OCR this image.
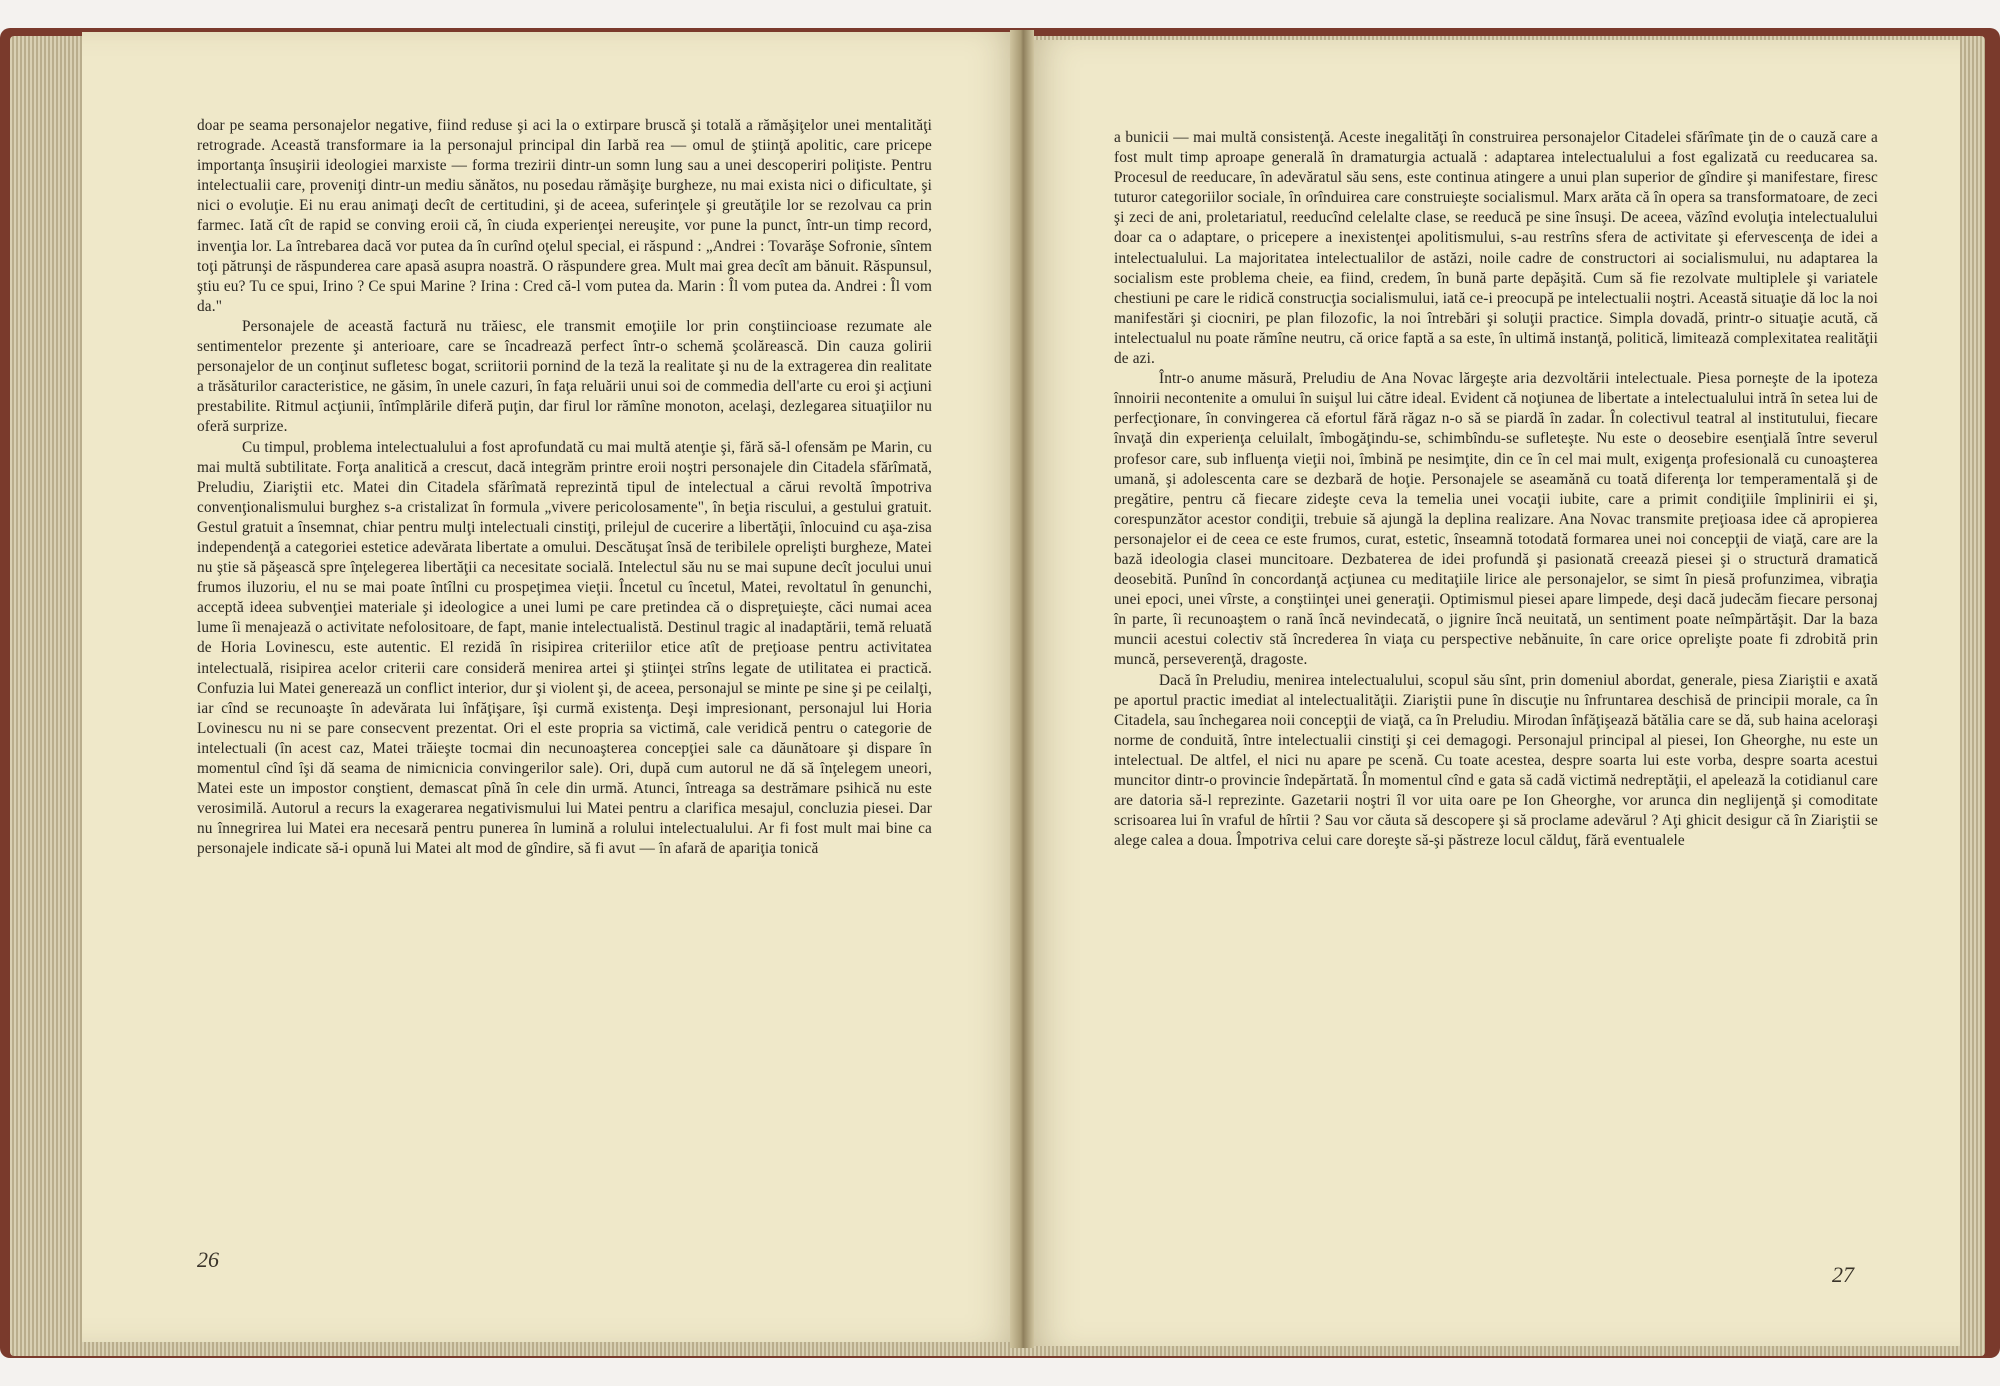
doar pe seama personajelor negative, fiind reduse şi aci la o extirpare bruscă şi totală a rămăşiţelor unei mentalităţi retrograde. Această transformare ia la personajul principal din Iarbă rea — omul de ştiinţă apolitic, care pricepe importanţa însuşirii ideologiei marxiste — forma trezirii dintr-un somn lung sau a unei descoperiri poliţiste. Pentru intelectualii care, proveniţi dintr-un mediu sănătos, nu posedau rămăşiţe burgheze, nu mai exista nici o dificultate, şi nici o evoluţie. Ei nu erau animaţi decît de certitudini, şi de aceea, suferinţele şi greutăţile lor se rezolvau ca prin farmec. Iată cît de rapid se conving eroii că, în ciuda experienţei nereuşite, vor pune la punct, într-un timp record, invenţia lor. La întrebarea dacă vor putea da în curînd oţelul special, ei răspund : „Andrei : Tovarăşe Sofronie, sîntem toţi pătrunşi de răspunderea care apasă asupra noastră. O răspundere grea. Mult mai grea decît am bănuit. Răspunsul, ştiu eu? Tu ce spui, Irino ? Ce spui Marine ? Irina : Cred că-l vom putea da. Marin : Îl vom putea da. Andrei : Îl vom da."

Personajele de această factură nu trăiesc, ele transmit emoţiile lor prin conştiincioase rezumate ale sentimentelor prezente şi anterioare, care se încadrează perfect într-o schemă şcolărească. Din cauza golirii personajelor de un conţinut sufletesc bogat, scriitorii pornind de la teză la realitate şi nu de la extragerea din realitate a trăsăturilor caracteristice, ne găsim, în unele cazuri, în faţa reluării unui soi de commedia dell'arte cu eroi şi acţiuni prestabilite. Ritmul acţiunii, întîmplările diferă puţin, dar firul lor rămîne monoton, acelaşi, dezlegarea situaţiilor nu oferă surprize.

Cu timpul, problema intelectualului a fost aprofundată cu mai multă atenţie şi, fără să-l ofensăm pe Marin, cu mai multă subtilitate. Forţa analitică a crescut, dacă integrăm printre eroii noştri personajele din Citadela sfărîmată, Preludiu, Ziariştii etc. Matei din Citadela sfărîmată reprezintă tipul de intelectual a cărui revoltă împotriva convenţionalismului burghez s-a cristalizat în formula „vivere pericolosamente", în beţia riscului, a gestului gratuit. Gestul gratuit a însemnat, chiar pentru mulţi intelectuali cinstiţi, prilejul de cucerire a libertăţii, înlocuind cu aşa-zisa independenţă a categoriei estetice adevărata libertate a omului. Descătuşat însă de teribilele oprelişti burgheze, Matei nu ştie să păşească spre înţelegerea libertăţii ca necesitate socială. Intelectul său nu se mai supune decît jocului unui frumos iluzoriu, el nu se mai poate întîlni cu prospeţimea vieţii. Încetul cu încetul, Matei, revoltatul în genunchi, acceptă ideea subvenţiei materiale şi ideologice a unei lumi pe care pretindea că o dispreţuieşte, căci numai acea lume îi menajează o activitate nefolositoare, de fapt, manie intelectualistă. Destinul tragic al inadaptării, temă reluată de Horia Lovinescu, este autentic. El rezidă în risipirea criteriilor etice atît de preţioase pentru activitatea intelectuală, risipirea acelor criterii care consideră menirea artei şi ştiinţei strîns legate de utilitatea ei practică. Confuzia lui Matei generează un conflict interior, dur şi violent şi, de aceea, personajul se minte pe sine şi pe ceilalţi, iar cînd se recunoaşte în adevărata lui înfăţişare, îşi curmă existenţa. Deşi impresionant, personajul lui Horia Lovinescu nu ni se pare consecvent prezentat. Ori el este propria sa victimă, cale veridică pentru o categorie de intelectuali (în acest caz, Matei trăieşte tocmai din necunoaşterea concepţiei sale ca dăunătoare şi dispare în momentul cînd îşi dă seama de nimicnicia convingerilor sale). Ori, după cum autorul ne dă să înţelegem uneori, Matei este un impostor conştient, demascat pînă în cele din urmă. Atunci, întreaga sa destrămare psihică nu este verosimilă. Autorul a recurs la exagerarea negativismului lui Matei pentru a clarifica mesajul, concluzia piesei. Dar nu înnegrirea lui Matei era necesară pentru punerea în lumină a rolului intelectualului. Ar fi fost mult mai bine ca personajele indicate să-i opună lui Matei alt mod de gîndire, să fi avut — în afară de apariţia tonică

26

a bunicii — mai multă consistenţă. Aceste inegalităţi în construirea personajelor Citadelei sfărîmate ţin de o cauză care a fost mult timp aproape generală în dramaturgia actuală : adaptarea intelectualului a fost egalizată cu reeducarea sa. Procesul de reeducare, în adevăratul său sens, este continua atingere a unui plan superior de gîndire şi manifestare, firesc tuturor categoriilor sociale, în orînduirea care construieşte socialismul. Marx arăta că în opera sa transformatoare, de zeci şi zeci de ani, proletariatul, reeducînd celelalte clase, se reeducă pe sine însuşi. De aceea, văzînd evoluţia intelectualului doar ca o adaptare, o pricepere a inexistenţei apolitismului, s-au restrîns sfera de activitate şi efervescenţa de idei a intelectualului. La majoritatea intelectualilor de astăzi, noile cadre de constructori ai socialismului, nu adaptarea la socialism este problema cheie, ea fiind, credem, în bună parte depăşită. Cum să fie rezolvate multiplele şi variatele chestiuni pe care le ridică construcţia socialismului, iată ce-i preocupă pe intelectualii noştri. Această situaţie dă loc la noi manifestări şi ciocniri, pe plan filozofic, la noi întrebări şi soluţii practice. Simpla dovadă, printr-o situaţie acută, că intelectualul nu poate rămîne neutru, că orice faptă a sa este, în ultimă instanţă, politică, limitează complexitatea realităţii de azi.

Într-o anume măsură, Preludiu de Ana Novac lărgeşte aria dezvoltării intelectuale. Piesa porneşte de la ipoteza înnoirii necontenite a omului în suişul lui către ideal. Evident că noţiunea de libertate a intelectualului intră în setea lui de perfecţionare, în convingerea că efortul fără răgaz n-o să se piardă în zadar. În colectivul teatral al institutului, fiecare învaţă din experienţa celuilalt, îmbogăţindu-se, schimbîndu-se sufleteşte. Nu este o deosebire esenţială între severul profesor care, sub influenţa vieţii noi, îmbină pe nesimţite, din ce în cel mai mult, exigenţa profesională cu cunoaşterea umană, şi adolescenta care se dezbară de hoţie. Personajele se aseamănă cu toată diferenţa lor temperamentală şi de pregătire, pentru că fiecare zideşte ceva la temelia unei vocaţii iubite, care a primit condiţiile împlinirii ei şi, corespunzător acestor condiţii, trebuie să ajungă la deplina realizare. Ana Novac transmite preţioasa idee că apropierea personajelor ei de ceea ce este frumos, curat, estetic, înseamnă totodată formarea unei noi concepţii de viaţă, care are la bază ideologia clasei muncitoare. Dezbaterea de idei profundă şi pasionată creează piesei şi o structură dramatică deosebită. Punînd în concordanţă acţiunea cu meditaţiile lirice ale personajelor, se simt în piesă profunzimea, vibraţia unei epoci, unei vîrste, a conştiinţei unei generaţii. Optimismul piesei apare limpede, deşi dacă judecăm fiecare personaj în parte, îi recunoaştem o rană încă nevindecată, o jignire încă neuitată, un sentiment poate neîmpărtăşit. Dar la baza muncii acestui colectiv stă încrederea în viaţa cu perspective nebănuite, în care orice oprelişte poate fi zdrobită prin muncă, perseverenţă, dragoste.

Dacă în Preludiu, menirea intelectualului, scopul său sînt, prin domeniul abordat, generale, piesa Ziariştii e axată pe aportul practic imediat al intelectualităţii. Ziariştii pune în discuţie nu înfruntarea deschisă de principii morale, ca în Citadela, sau închegarea noii concepţii de viaţă, ca în Preludiu. Mirodan înfăţişează bătălia care se dă, sub haina aceloraşi norme de conduită, între intelectualii cinstiţi şi cei demagogi. Personajul principal al piesei, Ion Gheorghe, nu este un intelectual. De altfel, el nici nu apare pe scenă. Cu toate acestea, despre soarta lui este vorba, despre soarta acestui muncitor dintr-o provincie îndepărtată. În momentul cînd e gata să cadă victimă nedreptăţii, el apelează la cotidianul care are datoria să-l reprezinte. Gazetarii noştri îl vor uita oare pe Ion Gheorghe, vor arunca din neglijenţă şi comoditate scrisoarea lui în vraful de hîrtii ? Sau vor căuta să descopere şi să proclame adevărul ? Aţi ghicit desigur că în Ziariştii se alege calea a doua. Împotriva celui care doreşte să-şi păstreze locul călduţ, fără eventualele

27
